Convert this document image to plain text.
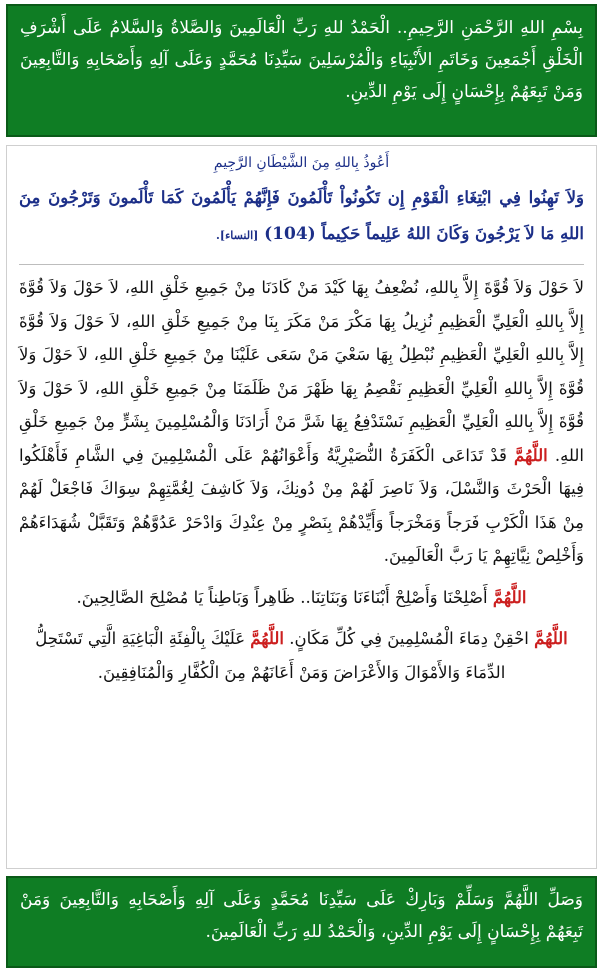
بِسْمِ اللهِ الرَّحْمَنِ الرَّحِيمِ.. الْحَمْدُ للهِ رَبِّ الْعَالَمِينَ وَالصَّلاةُ وَالسَّلامُ عَلَى أَشْرَفِ الْخَلْقِ أَجْمَعِينَ وَخَاتَمِ الأَنْبِيَاءِ وَالْمُرْسَلِينَ سَيِّدِنَا مُحَمَّدٍ وَعَلَى آلِهِ وَأَصْحَابِهِ وَالتَّابِعِينَ وَمَنْ تَبِعَهُمْ بِإِحْسَانٍ إِلَى يَوْمِ الدِّينِ.
أَعُوذُ بِاللهِ مِنَ الشَّيْطَانِ الرَّجِيمِ
وَلاَ تَهِنُوا فِي ابْتِغَاءِ الْقَوْمِ إِن تَكُونُواْ تَأْلَمُونَ فَإِنَّهُمْ يَأْلَمُونَ كَمَا تَأْلَمونَ وَتَرْجُونَ مِنَ اللهِ مَا لاَ يَرْجُونَ وَكَانَ اللهُ عَلِيماً حَكِيماً (104) [النساء].
لاَ حَوْلَ وَلاَ قُوَّةَ إِلاَّ بِاللهِ، نُضْعِفُ بِهَا كَيْدَ مَنْ كَادَنَا مِنْ جَمِيعِ خَلْقِ اللهِ، لاَ حَوْلَ وَلاَ قُوَّةَ إِلاَّ بِاللهِ الْعَلِيِّ الْعَظِيمِ نُزِيلُ بِهَا مَكْرَ مَنْ مَكَرَ بِنَا مِنْ جَمِيعِ خَلْقِ اللهِ، لاَ حَوْلَ وَلاَ قُوَّةَ إِلاَّ بِاللهِ الْعَلِيِّ الْعَظِيمِ نُبْطِلُ بِهَا سَعْيَ مَنْ سَعَى عَلَيْنَا مِنْ جَمِيعِ خَلْقِ اللهِ، لاَ حَوْلَ وَلاَ قُوَّةَ إِلاَّ بِاللهِ الْعَلِيِّ الْعَظِيمِ نَقْصِمُ بِهَا ظَهْرَ مَنْ ظَلَمَنَا مِنْ جَمِيعِ خَلْقِ اللهِ، لاَ حَوْلَ وَلاَ قُوَّةَ إِلاَّ بِاللهِ الْعَلِيِّ الْعَظِيمِ نَسْتَدْفِعُ بِهَا شَرَّ مَنْ أَرَادَنَا وَالْمُسْلِمِينَ بِشَرٍّ مِنْ جَمِيعِ خَلْقِ اللهِ. اللَّهُمَّ قَدْ تَدَاعَى الْكَفَرَةُ النُّصَيْرِيَّةُ وَأَعْوَانُهُمْ عَلَى الْمُسْلِمِينَ فِي الشَّامِ فَأَهْلَكُوا فِيهَا الْحَرْثَ وَالنَّسْلَ، وَلاَ نَاصِرَ لَهُمْ مِنْ دُونِكَ، وَلاَ كَاشِفَ لِغُمَّتِهِمْ سِوَاكَ فَاجْعَلْ لَهُمْ مِنْ هَذَا الْكَرْبِ فَرَجاً وَمَخْرَجاً وَأَيِّدْهُمْ بِنَصْرٍ مِنْ عِنْدِكَ وَادْحَرْ عَدُوَّهُمْ وَتَقَبَّلْ شُهَدَاءَهُمْ وَأَخْلِصْ نِيَّاتِهِمْ يَا رَبَّ الْعَالَمِينَ.
اللَّهُمَّ أَصْلِحْنَا وَأَصْلِحْ أَبْنَاءَنَا وَبَنَاتِنَا.. ظَاهِراً وَبَاطِناً يَا مُصْلِحَ الصَّالِحِينَ.
اللَّهُمَّ احْقِنْ دِمَاءَ الْمُسْلِمِينَ فِي كُلِّ مَكَانٍ. اللَّهُمَّ عَلَيْكَ بِالْفِئَةِ الْبَاغِيَةِ الَّتِي تَسْتَحِلُّ الدِّمَاءَ وَالأَمْوَالَ وَالأَعْرَاضَ وَمَنْ أَعَانَهُمْ مِنَ الْكُفَّارِ وَالْمُنَافِقِينَ.
وَصَلِّ اللَّهُمَّ وَسَلِّمْ وَبَارِكْ عَلَى سَيِّدِنَا مُحَمَّدٍ وَعَلَى آلِهِ وَأَصْحَابِهِ وَالتَّابِعِينَ وَمَنْ تَبِعَهُمْ بِإِحْسَانٍ إِلَى يَوْمِ الدِّينِ، وَالْحَمْدُ للهِ رَبِّ الْعَالَمِينَ.
